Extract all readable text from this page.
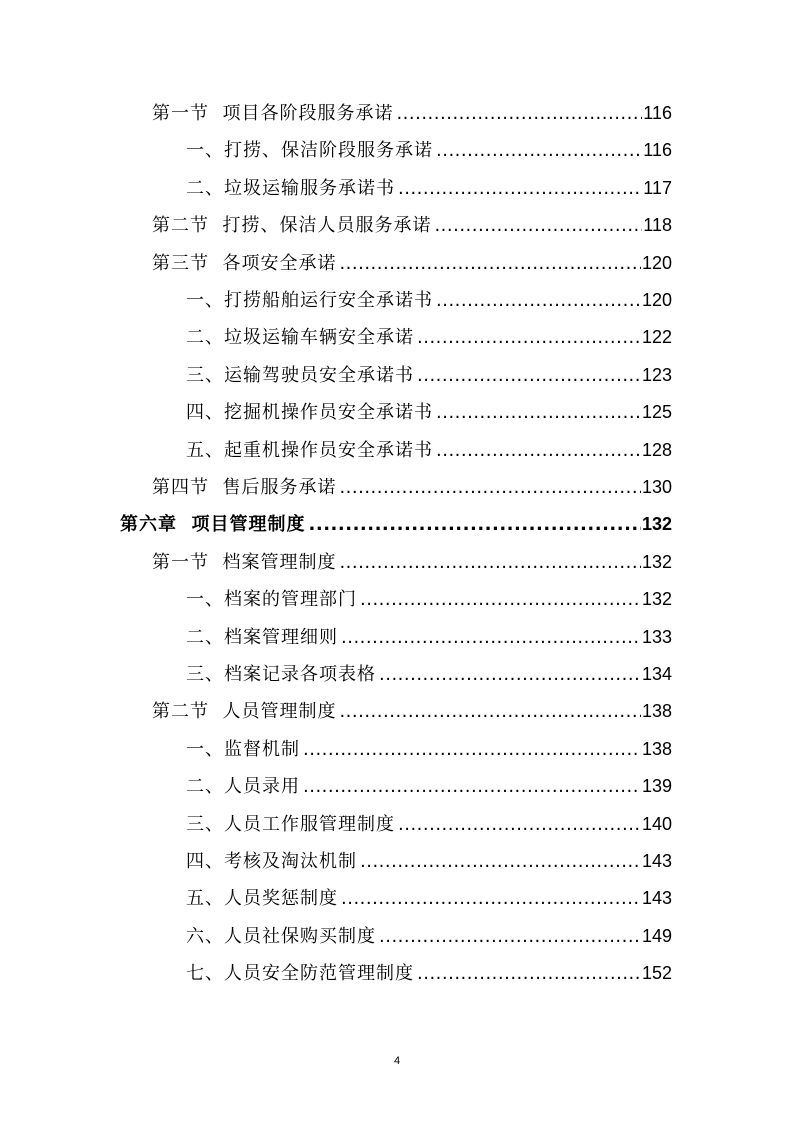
第一节  项目各阶段服务承诺 .....	116
一、打捞、保洁阶段服务承诺 .....	116
二、垃圾运输服务承诺书 .....	117
第二节  打捞、保洁人员服务承诺 .....	118
第三节  各项安全承诺 .....	120
一、打捞船舶运行安全承诺书 .....	120
二、垃圾运输车辆安全承诺 .....	122
三、运输驾驶员安全承诺书 .....	123
四、挖掘机操作员安全承诺书 .....	125
五、起重机操作员安全承诺书 .....	128
第四节  售后服务承诺 .....	130
第六章  项目管理制度 .....	132
第一节  档案管理制度 .....	132
一、档案的管理部门 .....	132
二、档案管理细则 .....	133
三、档案记录各项表格 .....	134
第二节  人员管理制度 .....	138
一、监督机制 .....	138
二、人员录用 .....	139
三、人员工作服管理制度 .....	140
四、考核及淘汰机制 .....	143
五、人员奖惩制度 .....	143
六、人员社保购买制度 .....	149
七、人员安全防范管理制度 .....	152
4
